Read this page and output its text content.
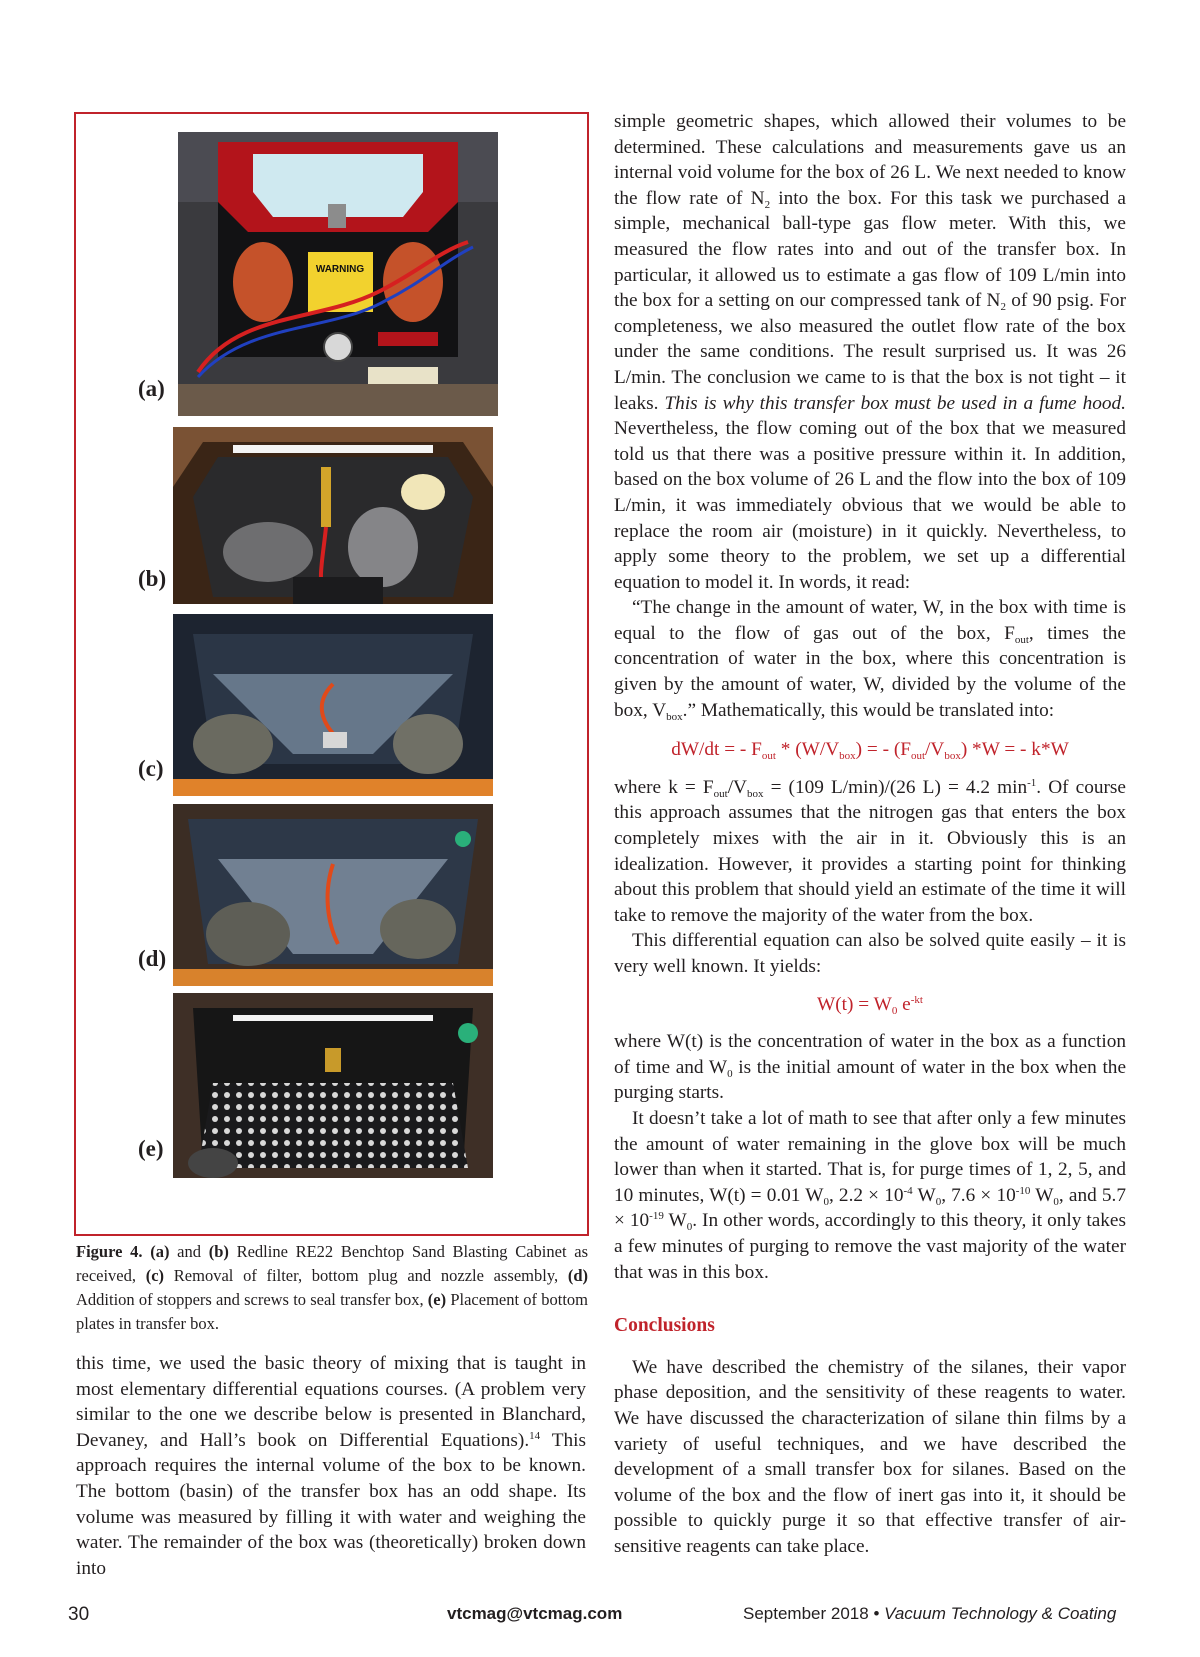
WARNING
(a)
(b)
(c)
(d)
(e)
Figure 4. (a) and (b) Redline RE22 Benchtop Sand Blasting Cabinet as received, (c) Removal of filter, bottom plug and nozzle assembly, (d) Addition of stoppers and screws to seal transfer box, (e) Placement of bottom plates in transfer box.

this time, we used the basic theory of mixing that is taught in most elementary differential equations courses. (A problem very similar to the one we describe below is presented in Blanchard, Devaney, and Hall’s book on Differential Equations).$^{14}$ This approach requires the internal volume of the box to be known. The bottom (basin) of the transfer box has an odd shape. Its volume was measured by filling it with water and weighing the water. The remainder of the box was (theoretically) broken down into

simple geometric shapes, which allowed their volumes to be determined. These calculations and measurements gave us an internal void volume for the box of 26 L. We next needed to know the flow rate of $N_2$ into the box. For this task we purchased a simple, mechanical ball-type gas flow meter. With this, we measured the flow rates into and out of the transfer box. In particular, it allowed us to estimate a gas flow of 109 L/min into the box for a setting on our compressed tank of $N_2$ of 90 psig. For completeness, we also measured the outlet flow rate of the box under the same conditions. The result surprised us. It was 26 L/min. The conclusion we came to is that the box is not tight – it leaks. This is why this transfer box must be used in a fume hood. Nevertheless, the flow coming out of the box that we measured told us that there was a positive pressure within it. In addition, based on the box volume of 26 L and the flow into the box of 109 L/min, it was immediately obvious that we would be able to replace the room air (moisture) in it quickly. Nevertheless, to apply some theory to the problem, we set up a differential equation to model it. In words, it read:

“The change in the amount of water, W, in the box with time is equal to the flow of gas out of the box, $F_{out}$, times the concentration of water in the box, where this concentration is given by the amount of water, W, divided by the volume of the box, $V_{box}$.” Mathematically, this would be translated into:

dW/dt = - $F_{out} * (W/V_{box})$ = - $(F_{out}/V_{box}) *W$ = - k*W

where $k = F_{out}/V_{box} = (109$ L/min)/(26 L) = 4.2 $\min^{-1}$. Of course this approach assumes that the nitrogen gas that enters the box completely mixes with the air in it. Obviously this is an idealization. However, it provides a starting point for thinking about this problem that should yield an estimate of the time it will take to remove the majority of the water from the box.

This differential equation can also be solved quite easily – it is very well known. It yields:

$W(t) = W_0$ $e^{-kt}$

where W(t) is the concentration of water in the box as a function of time and $W_0$ is the initial amount of water in the box when the purging starts.

It doesn’t take a lot of math to see that after only a few minutes the amount of water remaining in the glove box will be much lower than when it started. That is, for purge times of 1, 2, 5, and 10 minutes, W(t) = 0.01 $W_0$, $2.2 \times 10^{-4}$ $W_0$, $7.6 \times 10^{-10}$ $W_0$, and $5.7 \times 10^{-19}$ $W_0$. In other words, accordingly to this theory, it only takes a few minutes of purging to remove the vast majority of the water that was in this box.

Conclusions

We have described the chemistry of the silanes, their vapor phase deposition, and the sensitivity of these reagents to water. We have discussed the characterization of silane thin films by a variety of useful techniques, and we have described the development of a small transfer box for silanes. Based on the volume of the box and the flow of inert gas into it, it should be possible to quickly purge it so that effective transfer of air-sensitive reagents can take place.

30	vtcmag@vtcmag.com	September 2018 • Vacuum Technology & Coating
